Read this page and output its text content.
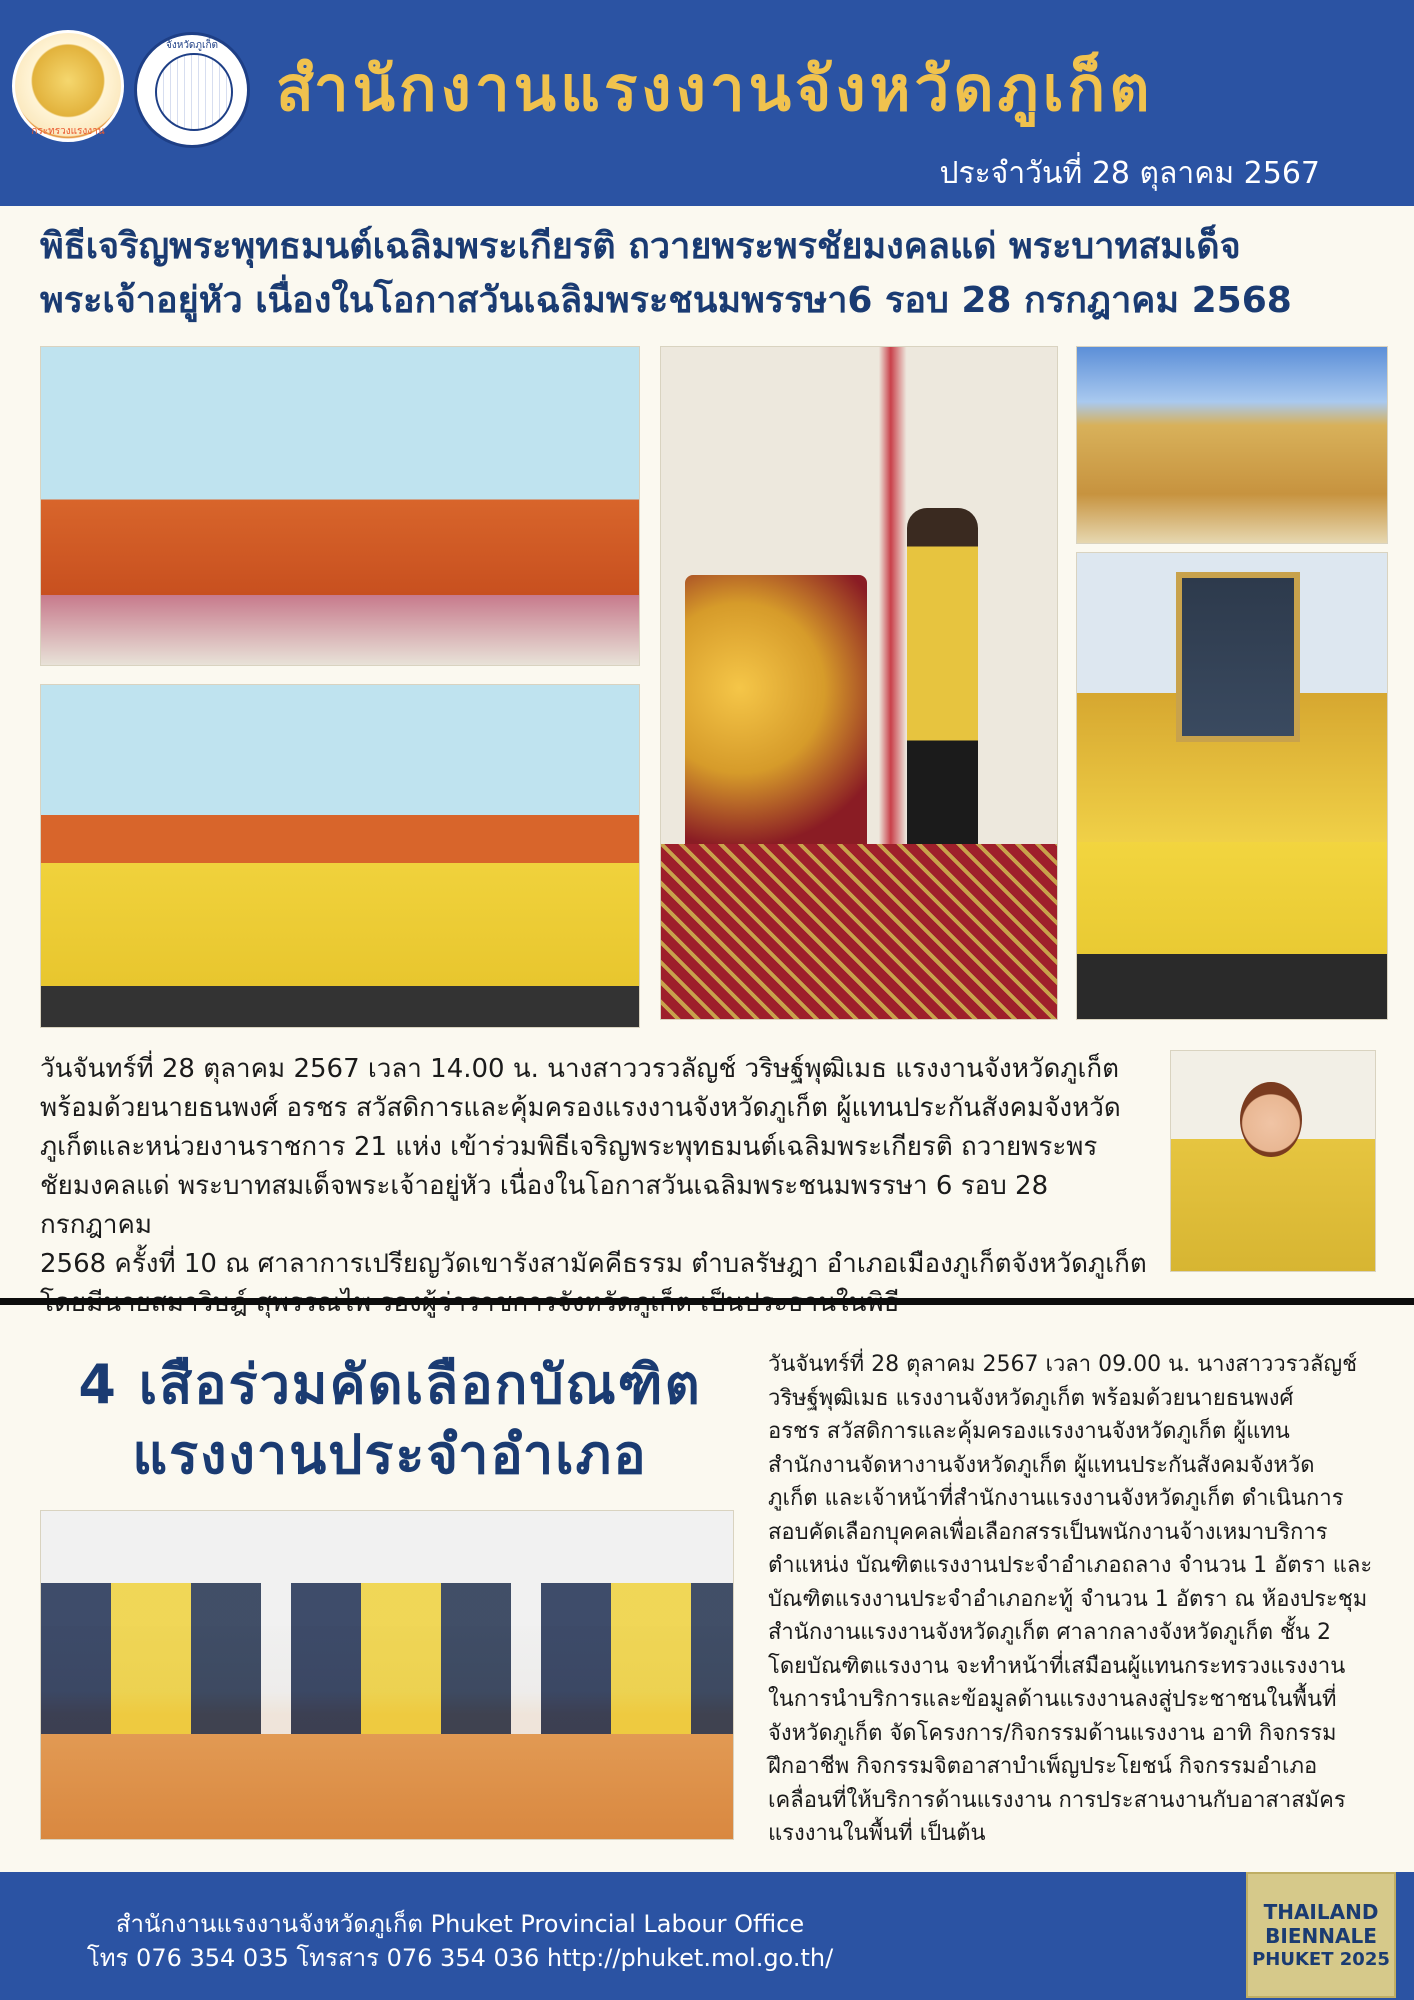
กระทรวงแรงงาน
จังหวัดภูเก็ต
สำนักงานแรงงานจังหวัดภูเก็ต
ประจำวันที่ 28 ตุลาคม 2567
พิธีเจริญพระพุทธมนต์เฉลิมพระเกียรติ ถวายพระพรชัยมงคลแด่ พระบาทสมเด็จ
พระเจ้าอยู่หัว เนื่องในโอกาสวันเฉลิมพระชนมพรรษา6 รอบ 28 กรกฎาคม 2568
วันจันทร์ที่ 28 ตุลาคม 2567 เวลา 14.00 น. นางสาววรวลัญช์ วริษฐ์พุฒิเมธ แรงงานจังหวัดภูเก็ต
พร้อมด้วยนายธนพงศ์ อรชร สวัสดิการและคุ้มครองแรงงานจังหวัดภูเก็ต ผู้แทนประกันสังคมจังหวัด
ภูเก็ตและหน่วยงานราชการ 21 แห่ง เข้าร่วมพิธีเจริญพระพุทธมนต์เฉลิมพระเกียรติ ถวายพระพร
ชัยมงคลแด่ พระบาทสมเด็จพระเจ้าอยู่หัว เนื่องในโอกาสวันเฉลิมพระชนมพรรษา 6 รอบ 28 กรกฎาคม
2568 ครั้งที่ 10 ณ ศาลาการเปรียญวัดเขารังสามัคคีธรรม ตำบลรัษฎา อำเภอเมืองภูเก็ตจังหวัดภูเก็ต
4 เสือร่วมคัดเลือกบัณฑิต
แรงงานประจำอำเภอ
วันจันทร์ที่ 28 ตุลาคม 2567 เวลา 09.00 น. นางสาววรวลัญช์
วริษฐ์พุฒิเมธ แรงงานจังหวัดภูเก็ต พร้อมด้วยนายธนพงศ์
อรชร สวัสดิการและคุ้มครองแรงงานจังหวัดภูเก็ต ผู้แทน
สำนักงานจัดหางานจังหวัดภูเก็ต ผู้แทนประกันสังคมจังหวัด
ภูเก็ต และเจ้าหน้าที่สำนักงานแรงงานจังหวัดภูเก็ต ดำเนินการ
สอบคัดเลือกบุคคลเพื่อเลือกสรรเป็นพนักงานจ้างเหมาบริการ
ตำแหน่ง บัณฑิตแรงงานประจำอำเภอถลาง จำนวน 1 อัตรา และ
บัณฑิตแรงงานประจำอำเภอกะทู้ จำนวน 1 อัตรา ณ ห้องประชุม
สำนักงานแรงงานจังหวัดภูเก็ต ศาลากลางจังหวัดภูเก็ต ชั้น 2
โดยบัณฑิตแรงงาน จะทำหน้าที่เสมือนผู้แทนกระทรวงแรงงาน
ในการนำบริการและข้อมูลด้านแรงงานลงสู่ประชาชนในพื้นที่
จังหวัดภูเก็ต จัดโครงการ/กิจกรรมด้านแรงงาน อาทิ กิจกรรม
ฝึกอาชีพ กิจกรรมจิตอาสาบำเพ็ญประโยชน์ กิจกรรมอำเภอ
เคลื่อนที่ให้บริการด้านแรงงาน การประสานงานกับอาสาสมัคร
แรงงานในพื้นที่ เป็นต้น
สำนักงานแรงงานจังหวัดภูเก็ต Phuket Provincial Labour Office
โทร 076 354 035 โทรสาร 076 354 036 http://phuket.mol.go.th/
THAILAND
BIENNALE
PHUKET 2025
